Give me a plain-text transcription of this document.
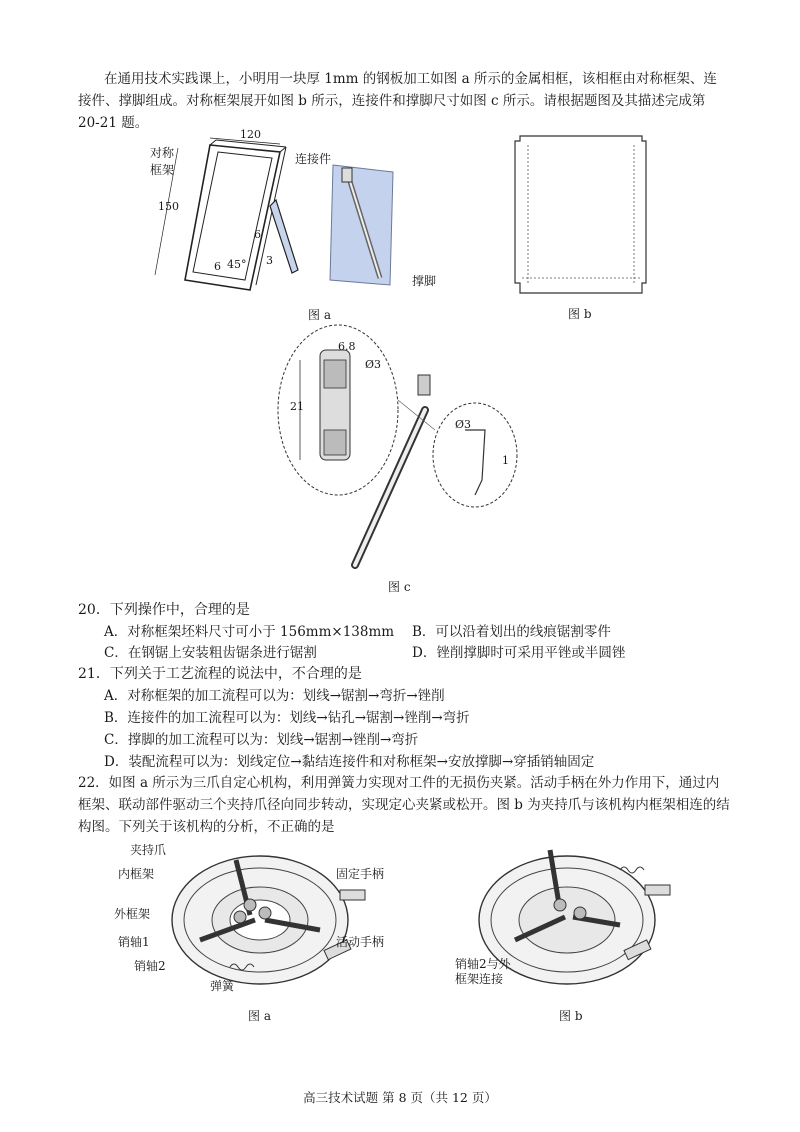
在通用技术实践课上，小明用一块厚 1mm 的钢板加工如图 a 所示的金属相框，该相框由对称框架、连接件、撑脚组成。对称框架展开如图 b 所示，连接件和撑脚尺寸如图 c 所示。请根据题图及其描述完成第 20-21 题。
对称
框架
120
150
6
45° 3
6
连接件
撑脚
图 a	图 b
21
6.8
Ø3
Ø3
1
图 c
20．下列操作中，合理的是
A．对称框架坯料尺寸可小于 156mm×138mm B．可以沿着划出的线痕锯割零件
C．在钢锯上安装粗齿锯条进行锯割	D．锉削撑脚时可采用平锉或半圆锉
21．下列关于工艺流程的说法中，不合理的是
A．对称框架的加工流程可以为：划线→锯割→弯折→锉削
B．连接件的加工流程可以为：划线→钻孔→锯割→锉削→弯折
C．撑脚的加工流程可以为：划线→锯割→锉削→弯折
D．装配流程可以为：划线定位→黏结连接件和对称框架→安放撑脚→穿插销轴固定
22．如图 a 所示为三爪自定心机构，利用弹簧力实现对工件的无损伤夹紧。活动手柄在外力作用下，通过内框架、联动部件驱动三个夹持爪径向同步转动，实现定心夹紧或松开。图 b 为夹持爪与该机构内框架相连的结构图。下列关于该机构的分析，不正确的是
夹持爪
内框架
外框架
销轴1
销轴2
弹簧
固定手柄
活动手柄
图 a
销轴2与外
框架连接
图 b
高三技术试题 第 8 页（共 12 页）
